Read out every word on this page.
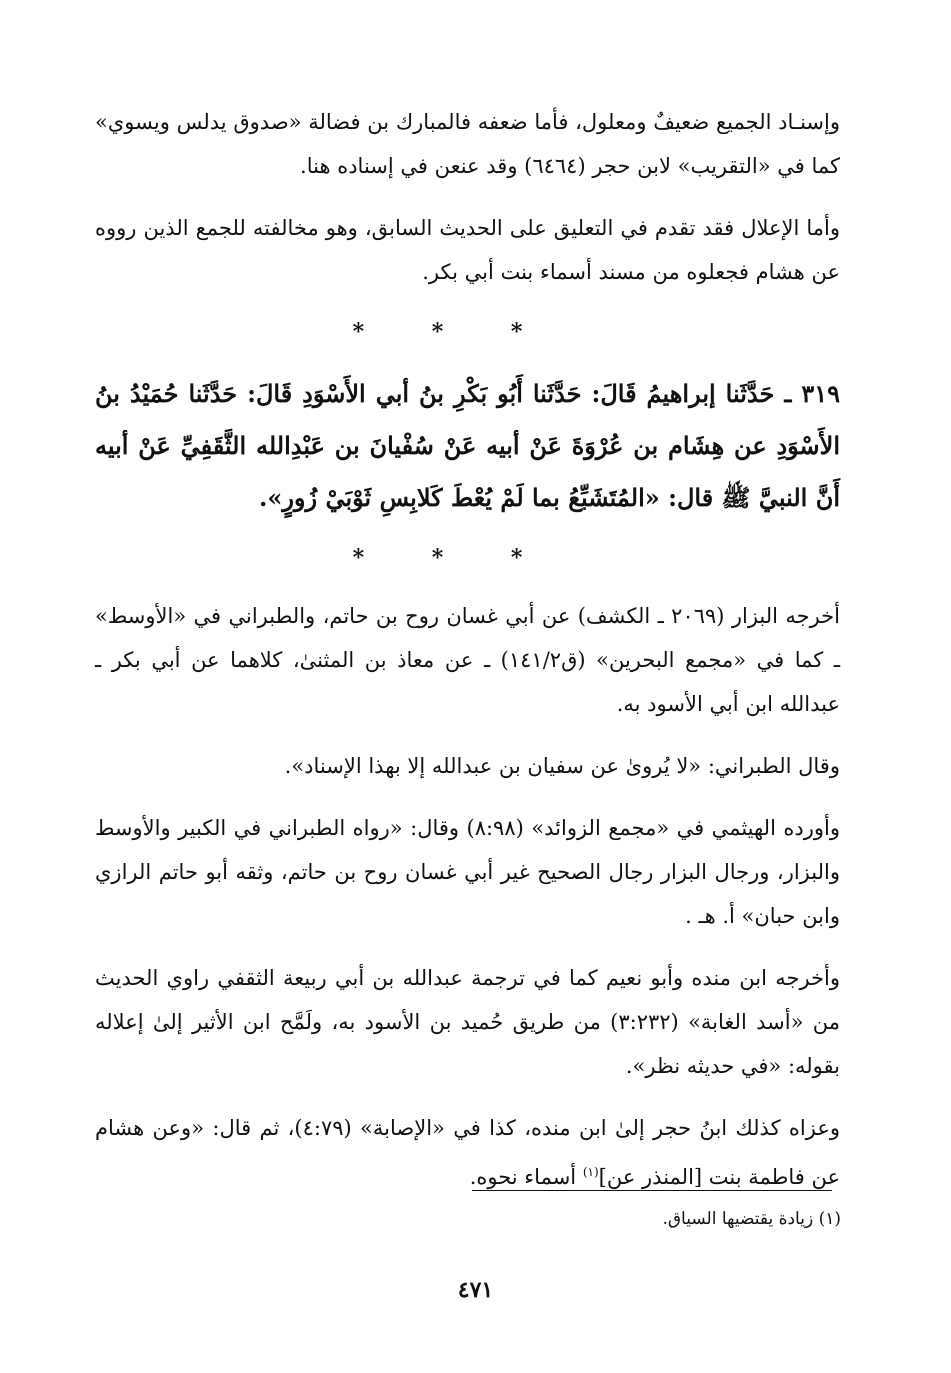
وإسنـاد الجميع ضعيفٌ ومعلول، فأما ضعفه فالمبارك بن فضالة «صدوق يدلس ويسوي» كما في «التقريب» لابن حجر (٦٤٦٤) وقد عنعن في إسناده هنا.

وأما الإعلال فقد تقدم في التعليق على الحديث السابق، وهو مخالفته للجمع الذين رووه عن هشام فجعلوه من مسند أسماء بنت أبي بكر.

* * *

٣١٩ ـ حَدَّثَنا إبراهيمُ قَالَ: حَدَّثَنا أَبُو بَكْرِ بنُ أبي الأَسْوَدِ قَالَ: حَدَّثَنا حُمَيْدُ بنُ الأَسْوَدِ عن هِشَام بن عُرْوَةَ عَنْ أبيه عَنْ سُفْيانَ بن عَبْدِالله الثَّقَفِيِّ عَنْ أبيه أَنَّ النبيَّ ﷺ قال: «المُتَشَبِّعُ بما لَمْ يُعْطَ كَلابِسِ ثَوْبَيْ زُورٍ».

* * *

أخرجه البزار (٢٠٦٩ ـ الكشف) عن أبي غسان روح بن حاتم، والطبراني في «الأوسط» ـ كما في «مجمع البحرين» (ق١٤١/٢) ـ عن معاذ بن المثنىٰ، كلاهما عن أبي بكر ـ عبدالله ابن أبي الأسود به.

وقال الطبراني: «لا يُروىٰ عن سفيان بن عبدالله إلا بهذا الإسناد».

وأورده الهيثمي في «مجمع الزوائد» (٨:٩٨) وقال: «رواه الطبراني في الكبير والأوسط والبزار، ورجال البزار رجال الصحيح غير أبي غسان روح بن حاتم، وثقه أبو حاتم الرازي وابن حبان» أ. هـ .

وأخرجه ابن منده وأبو نعيم كما في ترجمة عبدالله بن أبي ربيعة الثقفي راوي الحديث من «أسد الغابة» (٣:٢٣٢) من طريق حُميد بن الأسود به، ولَمَّح ابن الأثير إلىٰ إعلاله بقوله: «في حديثه نظر».

وعزاه كذلك ابنُ حجر إلىٰ ابن منده، كذا في «الإصابة» (٤:٧٩)، ثم قال: «وعن هشام عن فاطمة بنت [المنذر عن]$^{(١)}$ أسماء نحوه.

(١) زيادة يقتضيها السياق.
٤٧١
